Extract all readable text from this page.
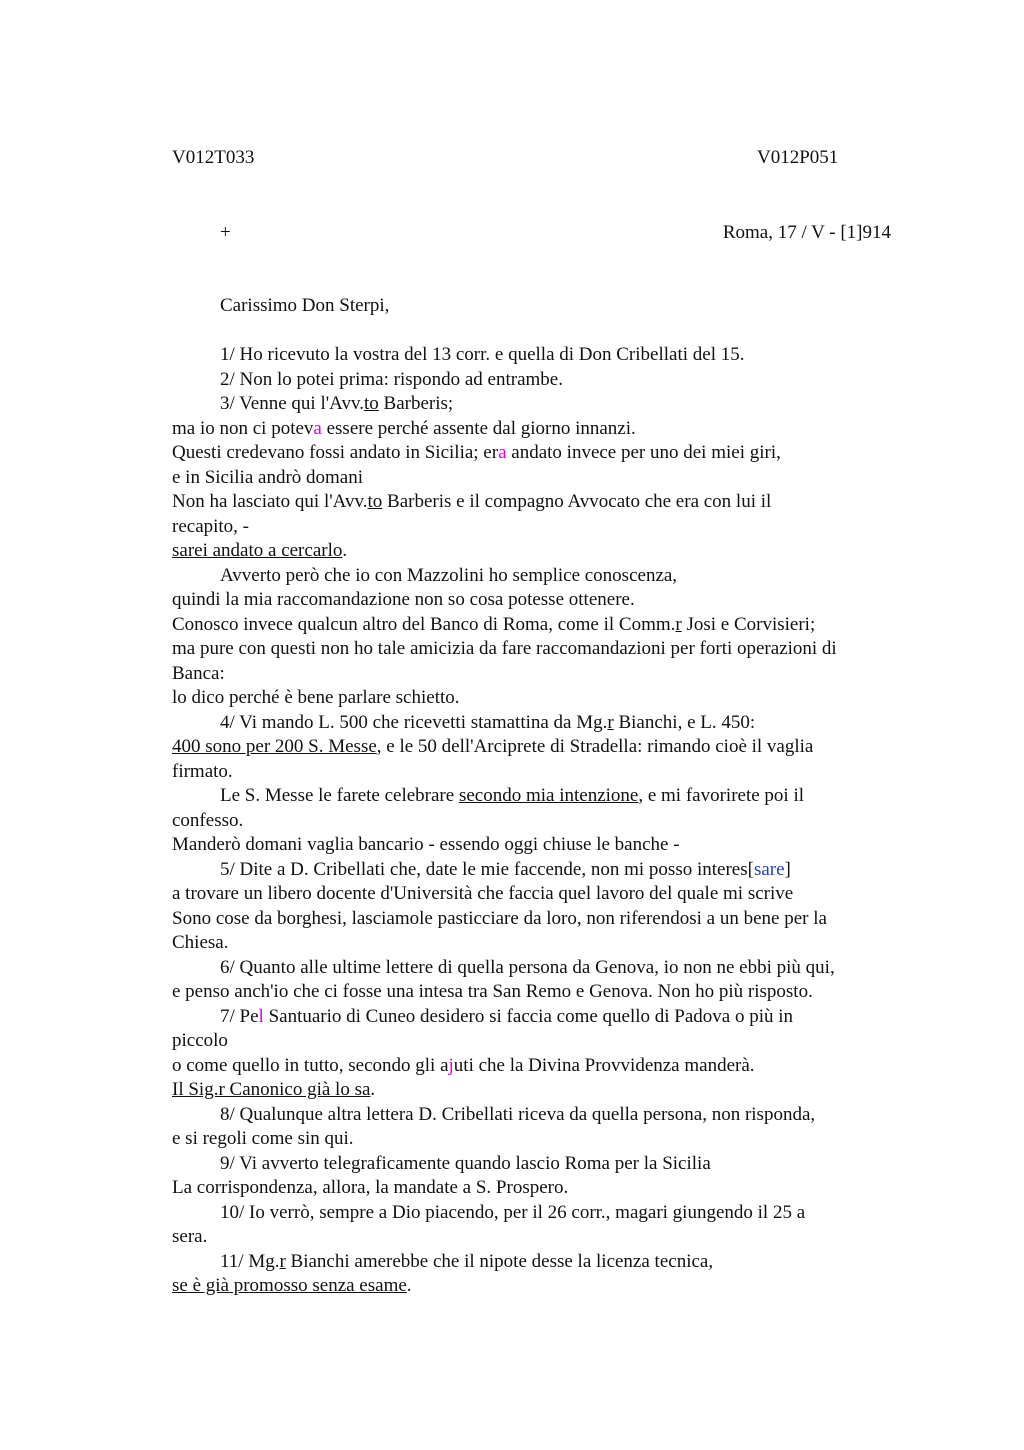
V012T033	V012P051
+	Roma, 17 / V - [1]914
Carissimo Don Sterpi,
1/ Ho ricevuto la vostra del 13 corr. e quella di Don Cribellati del 15.
2/ Non lo potei prima: rispondo ad entrambe.
3/ Venne qui l'Avv.to Barberis;
ma io non ci poteva essere perché assente dal giorno innanzi.
Questi credevano fossi andato in Sicilia; era andato invece per uno dei miei giri,
e in Sicilia andrò domani
Non ha lasciato qui l'Avv.to Barberis e il compagno Avvocato che era con lui il
recapito, -
sarei andato a cercarlo.
Avverto però che io con Mazzolini ho semplice conoscenza,
quindi la mia raccomandazione non so cosa potesse ottenere.
Conosco invece qualcun altro del Banco di Roma, come il Comm.r Josi e Corvisieri;
ma pure con questi non ho tale amicizia da fare raccomandazioni per forti operazioni di
Banca:
lo dico perché è bene parlare schietto.
4/ Vi mando L. 500 che ricevetti stamattina da Mg.r Bianchi, e L. 450:
400 sono per 200 S. Messe, e le 50 dell'Arciprete di Stradella: rimando cioè il vaglia
firmato.
Le S. Messe le farete celebrare secondo mia intenzione, e mi favorirete poi il
confesso.
Manderò domani vaglia bancario - essendo oggi chiuse le banche -
5/ Dite a D. Cribellati che, date le mie faccende, non mi posso interes[sare]
a trovare un libero docente d'Università che faccia quel lavoro del quale mi scrive
Sono cose da borghesi, lasciamole pasticciare da loro, non riferendosi a un bene per la
Chiesa.
6/ Quanto alle ultime lettere di quella persona da Genova, io non ne ebbi più qui,
e penso anch'io che ci fosse una intesa tra San Remo e Genova. Non ho più risposto.
7/ Pel Santuario di Cuneo desidero si faccia come quello di Padova o più in
piccolo
o come quello in tutto, secondo gli ajuti che la Divina Provvidenza manderà.
Il Sig.r Canonico già lo sa.
8/ Qualunque altra lettera D. Cribellati riceva da quella persona, non risponda,
e si regoli come sin qui.
9/ Vi avverto telegraficamente quando lascio Roma per la Sicilia
La corrispondenza, allora, la mandate a S. Prospero.
10/ Io verrò, sempre a Dio piacendo, per il 26 corr., magari giungendo il 25 a
sera.
11/ Mg.r Bianchi amerebbe che il nipote desse la licenza tecnica,
se è già promosso senza esame.
